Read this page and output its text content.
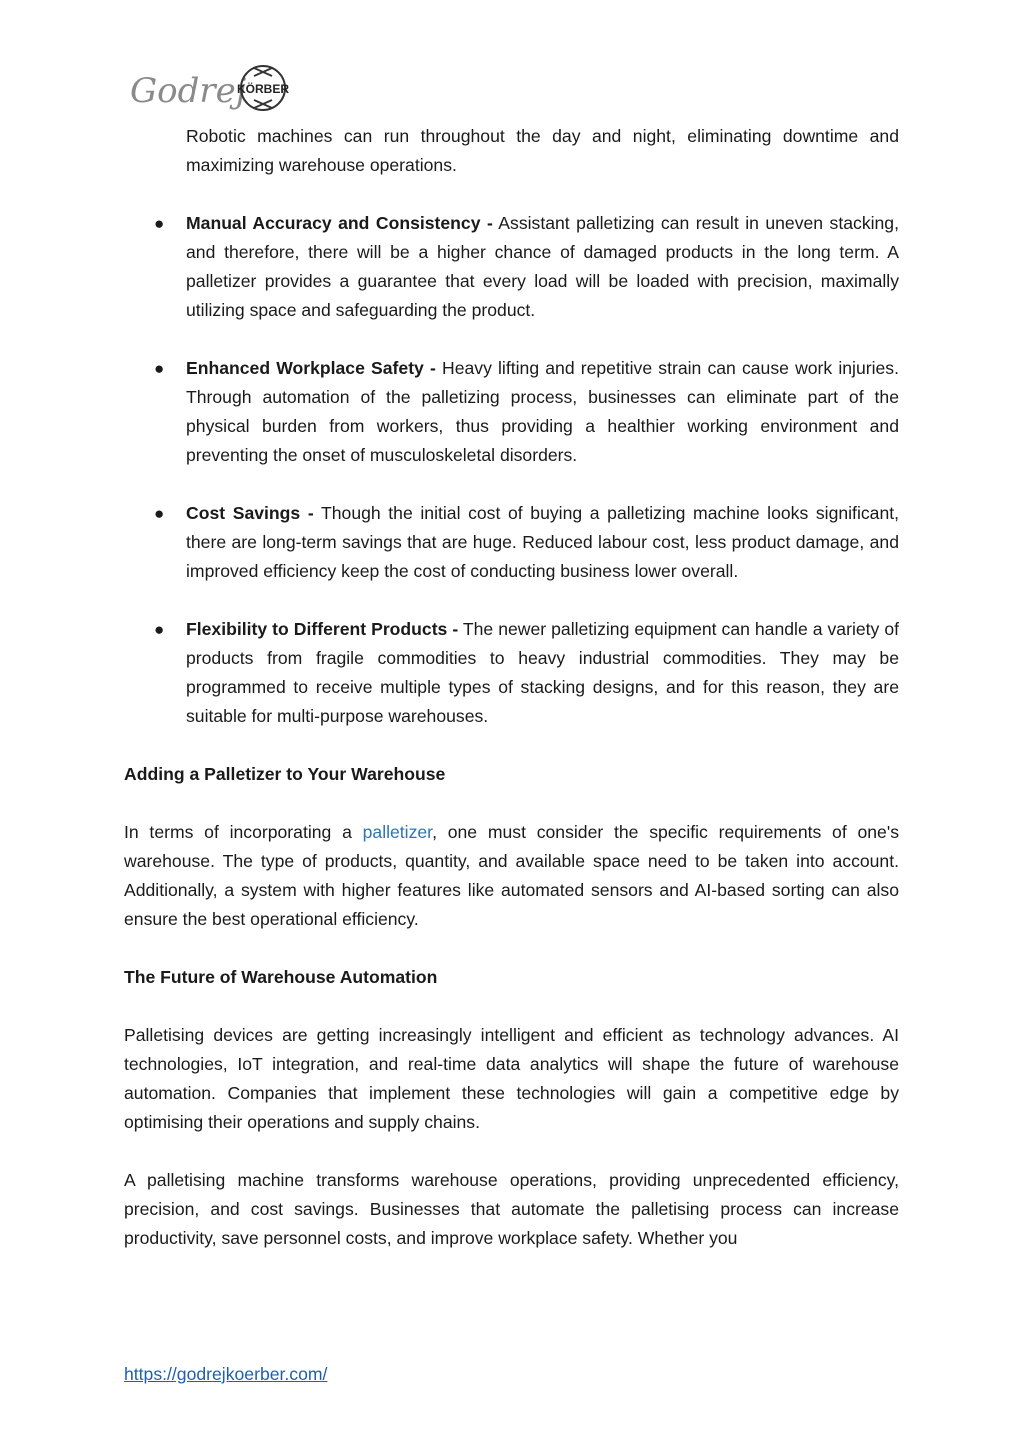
Godrej
KÖRBER

Robotic machines can run throughout the day and night, eliminating downtime and maximizing warehouse operations.

● Manual Accuracy and Consistency - Assistant palletizing can result in uneven stacking, and therefore, there will be a higher chance of damaged products in the long term. A palletizer provides a guarantee that every load will be loaded with precision, maximally utilizing space and safeguarding the product.
● Enhanced Workplace Safety - Heavy lifting and repetitive strain can cause work injuries. Through automation of the palletizing process, businesses can eliminate part of the physical burden from workers, thus providing a healthier working environment and preventing the onset of musculoskeletal disorders.
● Cost Savings - Though the initial cost of buying a palletizing machine looks significant, there are long-term savings that are huge. Reduced labour cost, less product damage, and improved efficiency keep the cost of conducting business lower overall.
● Flexibility to Different Products - The newer palletizing equipment can handle a variety of products from fragile commodities to heavy industrial commodities. They may be programmed to receive multiple types of stacking designs, and for this reason, they are suitable for multi-purpose warehouses.

Adding a Palletizer to Your Warehouse

In terms of incorporating a palletizer, one must consider the specific requirements of one's warehouse. The type of products, quantity, and available space need to be taken into account. Additionally, a system with higher features like automated sensors and AI-based sorting can also ensure the best operational efficiency.

The Future of Warehouse Automation

Palletising devices are getting increasingly intelligent and efficient as technology advances. AI technologies, IoT integration, and real-time data analytics will shape the future of warehouse automation. Companies that implement these technologies will gain a competitive edge by optimising their operations and supply chains.

A palletising machine transforms warehouse operations, providing unprecedented efficiency, precision, and cost savings. Businesses that automate the palletising process can increase productivity, save personnel costs, and improve workplace safety. Whether you

https://godrejkoerber.com/
